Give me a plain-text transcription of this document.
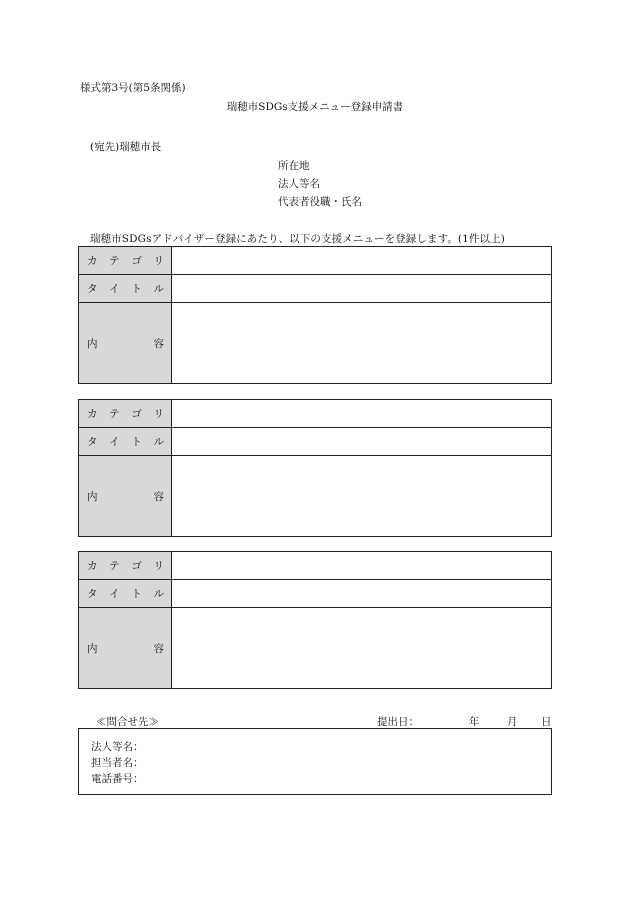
様式第3号(第5条関係)
瑞穂市SDGs支援メニュー登録申請書
(宛先)瑞穂市長
所在地
法人等名
代表者役職・氏名
瑞穂市SDGsアドバイザー登録にあたり、以下の支援メニューを登録します。(1件以上)
カ テ ゴ リ	

タ イ ト ル	

内 容	

カ テ ゴ リ	

タ イ ト ル	

内 容	

カ テ ゴ リ	

タ イ ト ル	

内 容	

≪問合せ先≫	提出日：	年	月 日
法人等名：
担当者名：
電話番号：
